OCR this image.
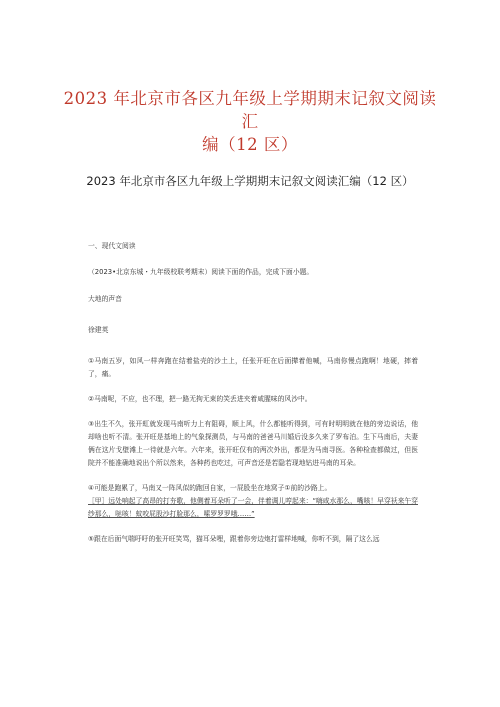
2023 年北京市各区九年级上学期期末记叙文阅读汇
编（12 区）
2023 年北京市各区九年级上学期期末记叙文阅读汇编（12 区）

一、现代文阅读

（2023•北京东城・九年级校联考期末）阅读下面的作品，完成下面小题。

大地的声音

徐建英

①马南五岁，如风一样奔跑在结着盐壳的沙土上，任张开旺在后面撵着他喊，马南你慢点跑啊！地硬，摔着了，痛。

②马南呢，不应，也不理，把一路无拘无束的笑丢进夹着咸腥味的风沙中。

③出生不久，张开虹就发现马南听力上有阻碍，顺上风，什么都能听得到，可有时明明就在他的旁边说话，他却啥也听不清。张开旺是基地上的气象探测员，与马南的爸爸马川婚后没多久来了罗布泊。生下马南后，夫妻俩在这片戈壁滩上一待就是六年。六年来，张开旺仅有的两次外出，都是为马南寻医。各种检查都做过，但医院并不能准确地说出个所以然来，各种药也吃过，可声音还是若隐若现地钻进马南的耳朵。

④可能是跑累了，马南又一阵风似的跑回自家，一屁股坐在地窝子①前的沙路上。

［甲］远处响起了高昂的打夯歌，他侧着耳朵听了一会，伴着调儿哼起来：“嗨咸水那么，嘴咳！早穿袄来午穿纱那么，哒咳！蚊咬屁股沙打脸那么，嗦罗罗罗哦……”

⑤跟在后面气喘吁吁的张开旺笑骂，猫耳朵哩，跟着你旁边炮打雷样地喊，你听不到，隔了这么远
